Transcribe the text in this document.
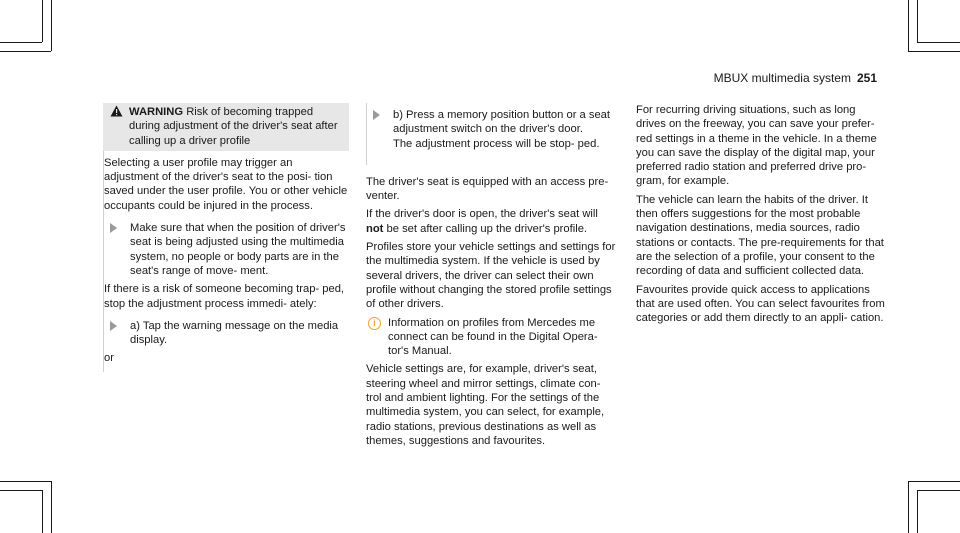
MBUX multimedia system 251
WARNING Risk of becoming trapped during adjustment of the driver's seat after calling up a driver profile

Selecting a user profile may trigger an adjustment of the driver's seat to the posi- tion saved under the user profile. You or other vehicle occupants could be injured in the process.

Make sure that when the position of driver's seat is being adjusted using the multimedia system, no people or body parts are in the seat's range of move- ment.

If there is a risk of someone becoming trap- ped, stop the adjustment process immedi- ately:

a) Tap the warning message on the media display.

or

b) Press a memory position button or a seat adjustment switch on the driver's door.
The adjustment process will be stop- ped.

The driver's seat is equipped with an access pre- venter.

If the driver's door is open, the driver's seat will not be set after calling up the driver's profile.

Profiles store your vehicle settings and settings for the multimedia system. If the vehicle is used by several drivers, the driver can select their own profile without changing the stored profile settings of other drivers.

i	Information on profiles from Mercedes me connect can be found in the Digital Opera- tor's Manual.

Vehicle settings are, for example, driver's seat, steering wheel and mirror settings, climate con- trol and ambient lighting. For the settings of the multimedia system, you can select, for example, radio stations, previous destinations as well as themes, suggestions and favourites.

For recurring driving situations, such as long drives on the freeway, you can save your prefer- red settings in a theme in the vehicle. In a theme you can save the display of the digital map, your preferred radio station and preferred drive pro- gram, for example.

The vehicle can learn the habits of the driver. It then offers suggestions for the most probable navigation destinations, media sources, radio stations or contacts. The pre-requirements for that are the selection of a profile, your consent to the recording of data and sufficient collected data.

Favourites provide quick access to applications that are used often. You can select favourites from categories or add them directly to an appli- cation.
